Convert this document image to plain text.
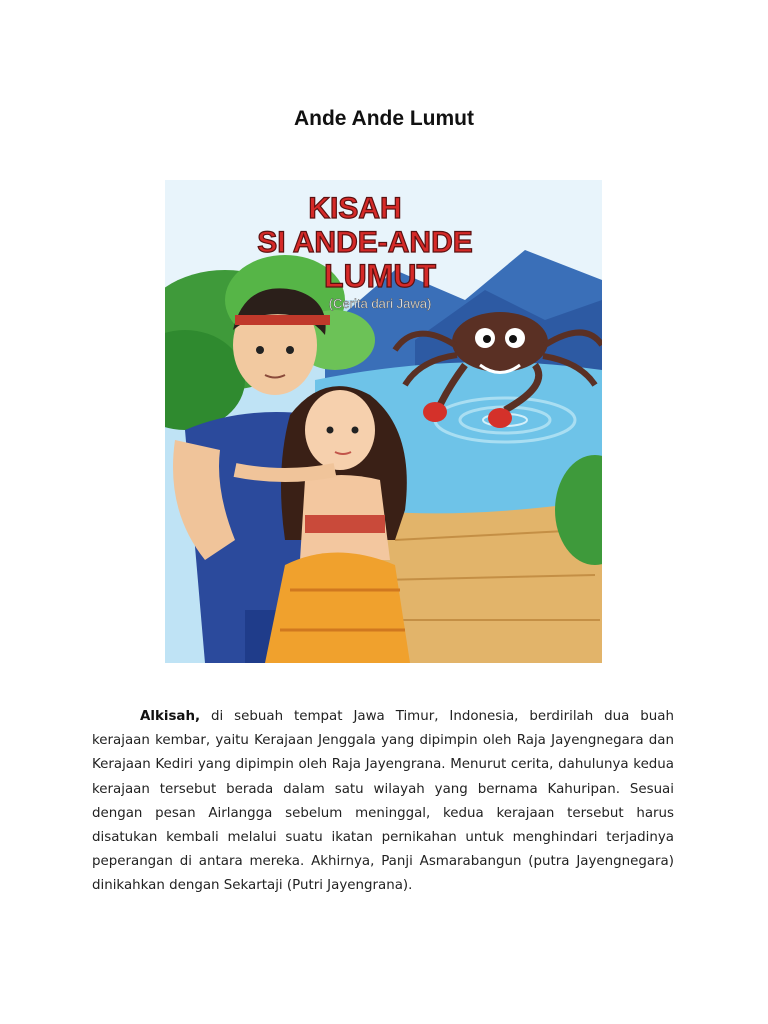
Ande Ande Lumut
KISAH
SI ANDE-ANDE
LUMUT
(Cerita dari Jawa)

Alkisah, di sebuah tempat Jawa Timur, Indonesia, berdirilah dua buah kerajaan kembar, yaitu Kerajaan Jenggala yang dipimpin oleh Raja Jayengnegara dan Kerajaan Kediri yang dipimpin oleh Raja Jayengrana. Menurut cerita, dahulunya kedua kerajaan tersebut berada dalam satu wilayah yang bernama Kahuripan. Sesuai dengan pesan Airlangga sebelum meninggal, kedua kerajaan tersebut harus disatukan kembali melalui suatu ikatan pernikahan untuk menghindari terjadinya peperangan di antara mereka. Akhirnya, Panji Asmarabangun (putra Jayengnegara) dinikahkan dengan Sekartaji (Putri Jayengrana).
